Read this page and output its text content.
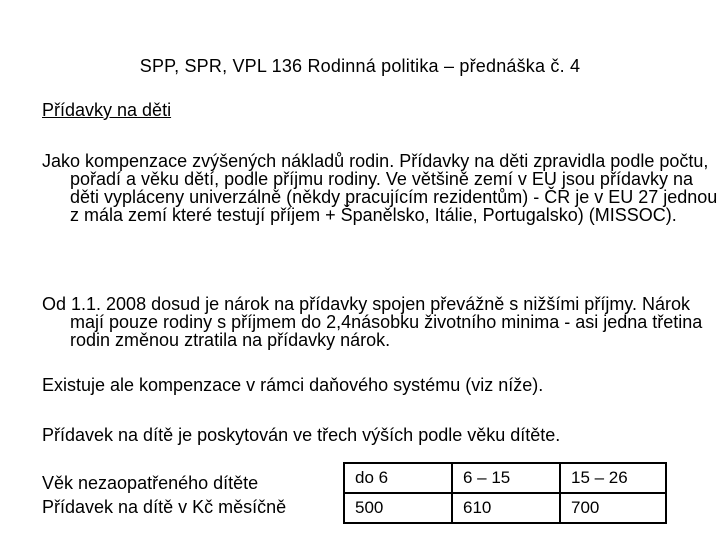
SPP, SPR, VPL 136 Rodinná politika – přednáška č. 4
Přídavky na děti

Jako kompenzace zvýšených nákladů rodin. Přídavky na děti zpravidla podle počtu, pořadí a věku dětí, podle příjmu rodiny. Ve většině zemí v EU jsou přídavky na děti vypláceny univerzálně (někdy pracujícím rezidentům) - ČR je v EU 27 jednou z mála zemí které testují příjem + Španělsko, Itálie, Portugalsko) (MISSOC).

Od 1.1. 2008 dosud je nárok na přídavky spojen převážně s nižšími příjmy. Nárok mají pouze rodiny s příjmem do 2,4násobku životního minima - asi jedna třetina rodin změnou ztratila na přídavky nárok.

Existuje ale kompenzace v rámci daňového systému (viz níže).

Přídavek na dítě je poskytován ve třech výších podle věku dítěte.
Věk nezaopatřeného dítěte
Přídavek na dítě v Kč měsíčně
do 6	6 – 15	15 – 26
500	610	700
